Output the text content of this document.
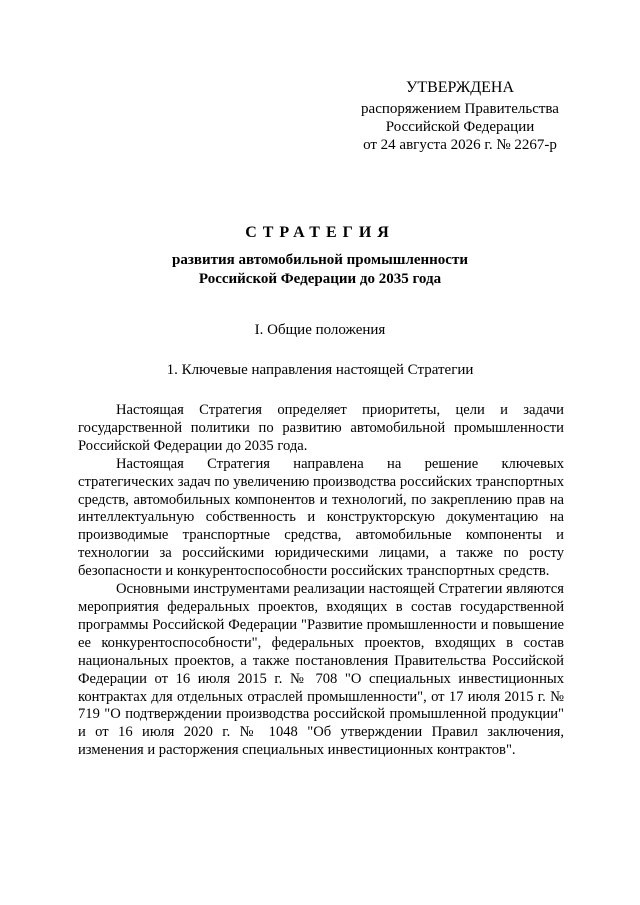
УТВЕРЖДЕНА
распоряжением Правительства
Российской Федерации
от 24 августа 2026 г. № 2267-р
СТРАТЕГИЯ
развития автомобильной промышленности
Российской Федерации до 2035 года
I. Общие положения
1. Ключевые направления настоящей Стратегии

Настоящая Стратегия определяет приоритеты, цели и задачи государственной политики по развитию автомобильной промышленности Российской Федерации до 2035 года.

Настоящая Стратегия направлена на решение ключевых стратегических задач по увеличению производства российских транспортных средств, автомобильных компонентов и технологий, по закреплению прав на интеллектуальную собственность и конструкторскую документацию на производимые транспортные средства, автомобильные компоненты и технологии за российскими юридическими лицами, а также по росту безопасности и конкурентоспособности российских транспортных средств.

Основными инструментами реализации настоящей Стратегии являются мероприятия федеральных проектов, входящих в состав государственной программы Российской Федерации "Развитие промышленности и повышение ее конкурентоспособности", федеральных проектов, входящих в состав национальных проектов, а также постановления Правительства Российской Федерации от 16 июля 2015 г. № 708 "О специальных инвестиционных контрактах для отдельных отраслей промышленности", от 17 июля 2015 г. № 719 "О подтверждении производства российской промышленной продукции" и от 16 июля 2020 г. № 1048 "Об утверждении Правил заключения, изменения и расторжения специальных инвестиционных контрактов".
